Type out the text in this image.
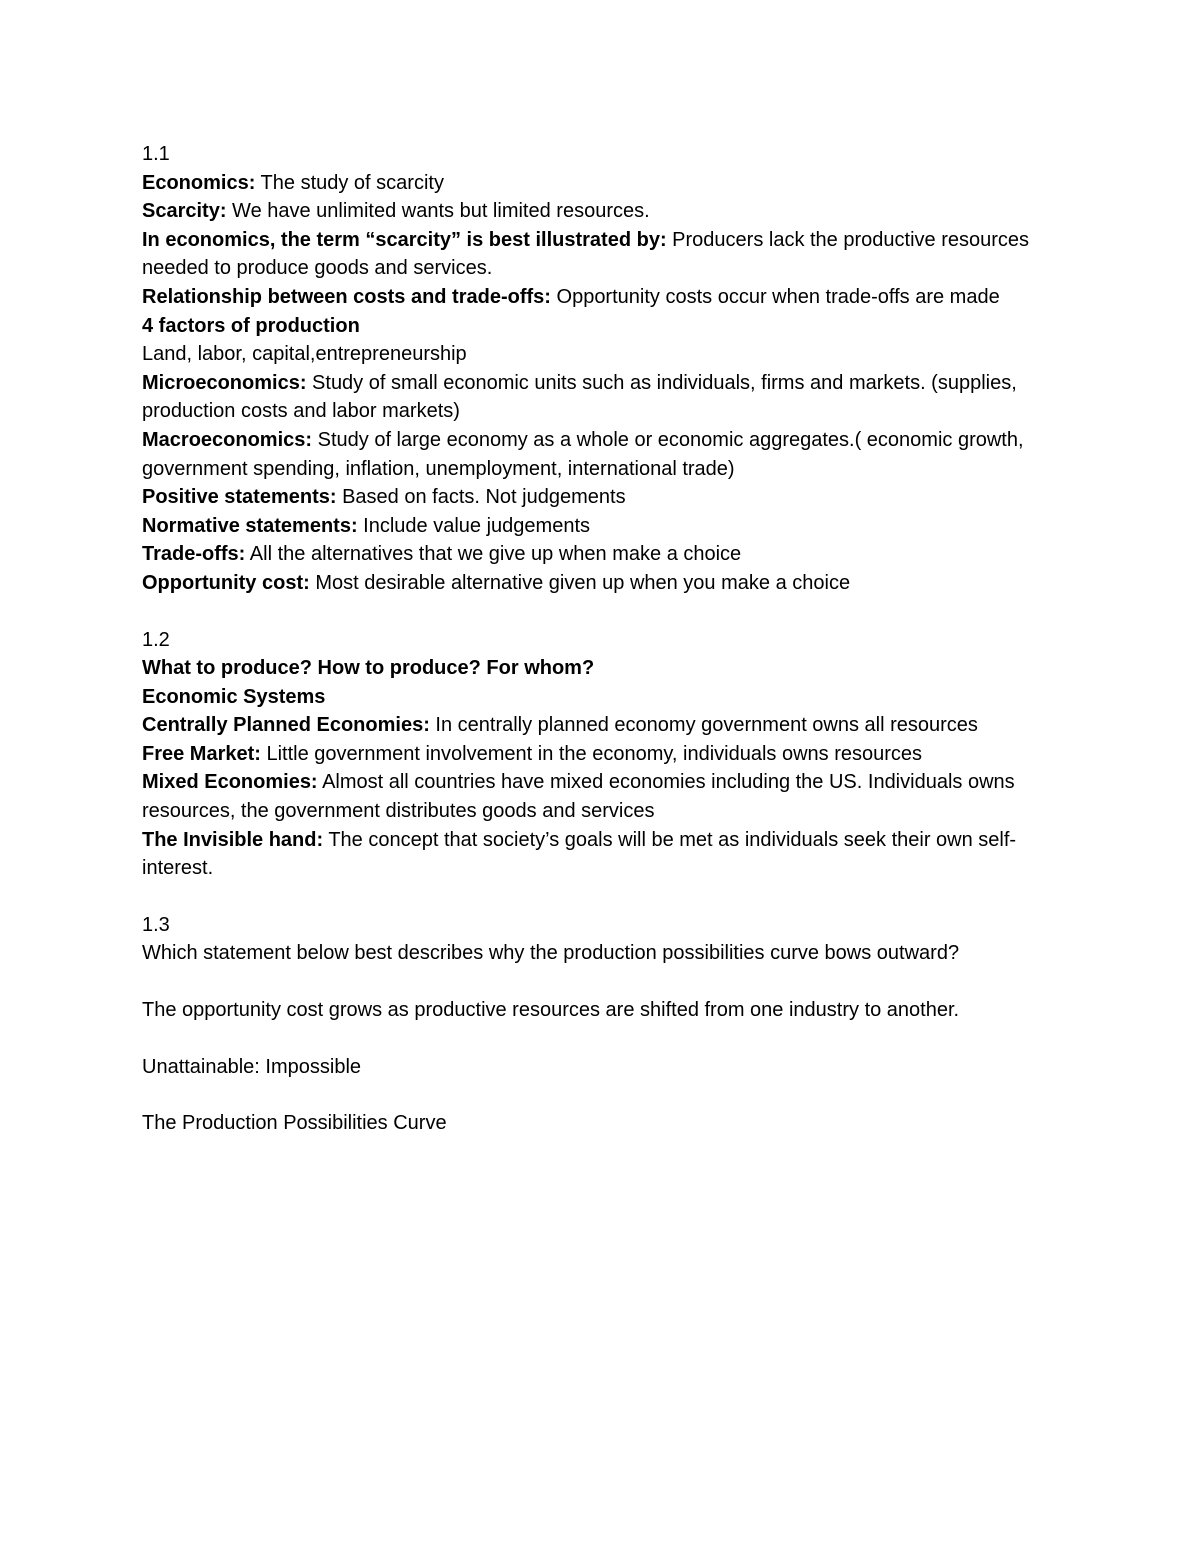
1.1

Economics: The study of scarcity

Scarcity: We have unlimited wants but limited resources.

In economics, the term “scarcity” is best illustrated by: Producers lack the productive resources needed to produce goods and services.

Relationship between costs and trade-offs: Opportunity costs occur when trade-offs are made

4 factors of production

Land, labor, capital,entrepreneurship

Microeconomics: Study of small economic units such as individuals, firms and markets. (supplies, production costs and labor markets)

Macroeconomics: Study of large economy as a whole or economic aggregates.( economic growth, government spending, inflation, unemployment, international trade)

Positive statements: Based on facts. Not judgements

Normative statements: Include value judgements

Trade-offs: All the alternatives that we give up when make a choice

Opportunity cost: Most desirable alternative given up when you make a choice

1.2

What to produce? How to produce? For whom?

Economic Systems

Centrally Planned Economies: In centrally planned economy government owns all resources

Free Market: Little government involvement in the economy, individuals owns resources

Mixed Economies: Almost all countries have mixed economies including the US. Individuals owns resources, the government distributes goods and services

The Invisible hand: The concept that society’s goals will be met as individuals seek their own self-interest.

1.3

Which statement below best describes why the production possibilities curve bows outward?

The opportunity cost grows as productive resources are shifted from one industry to another.

Unattainable: Impossible

The Production Possibilities Curve
